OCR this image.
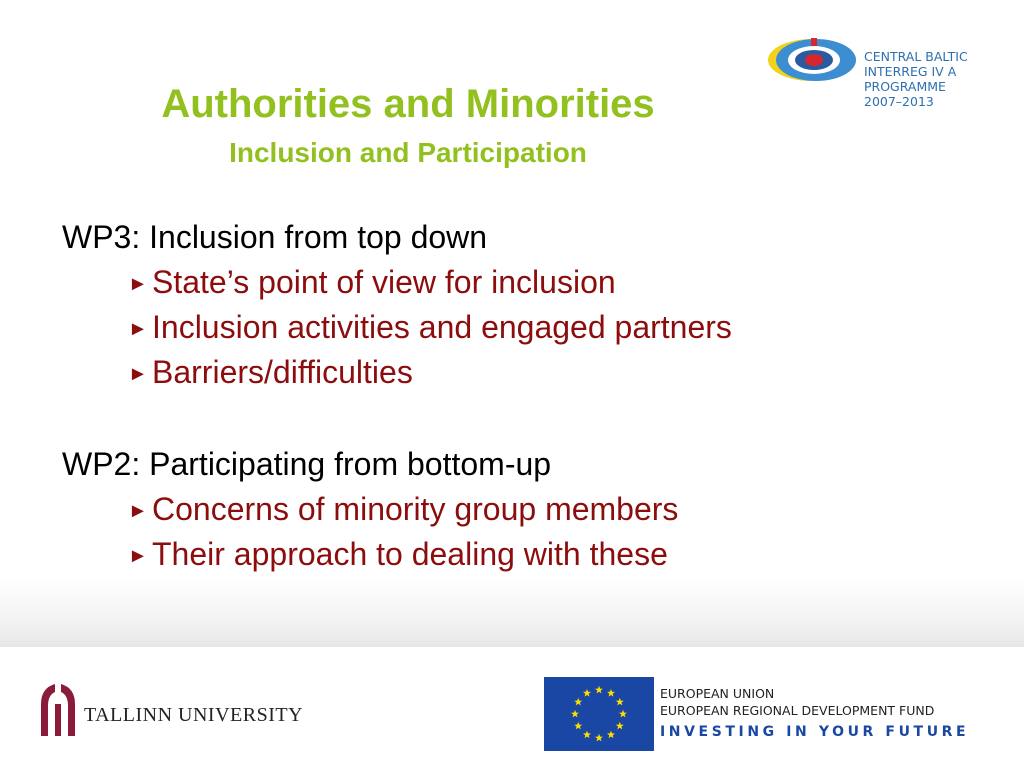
Authorities and Minorities
Inclusion and Participation
CENTRAL BALTIC
INTERREG IV A
PROGRAMME
2007–2013
WP3: Inclusion from top down
► State’s point of view for inclusion
► Inclusion activities and engaged partners
► Barriers/difficulties
WP2: Participating from bottom-up
► Concerns of minority group members
► Their approach to dealing with these
TALLINN UNIVERSITY
EUROPEAN UNION
EUROPEAN REGIONAL DEVELOPMENT FUND
INVESTING IN YOUR FUTURE
